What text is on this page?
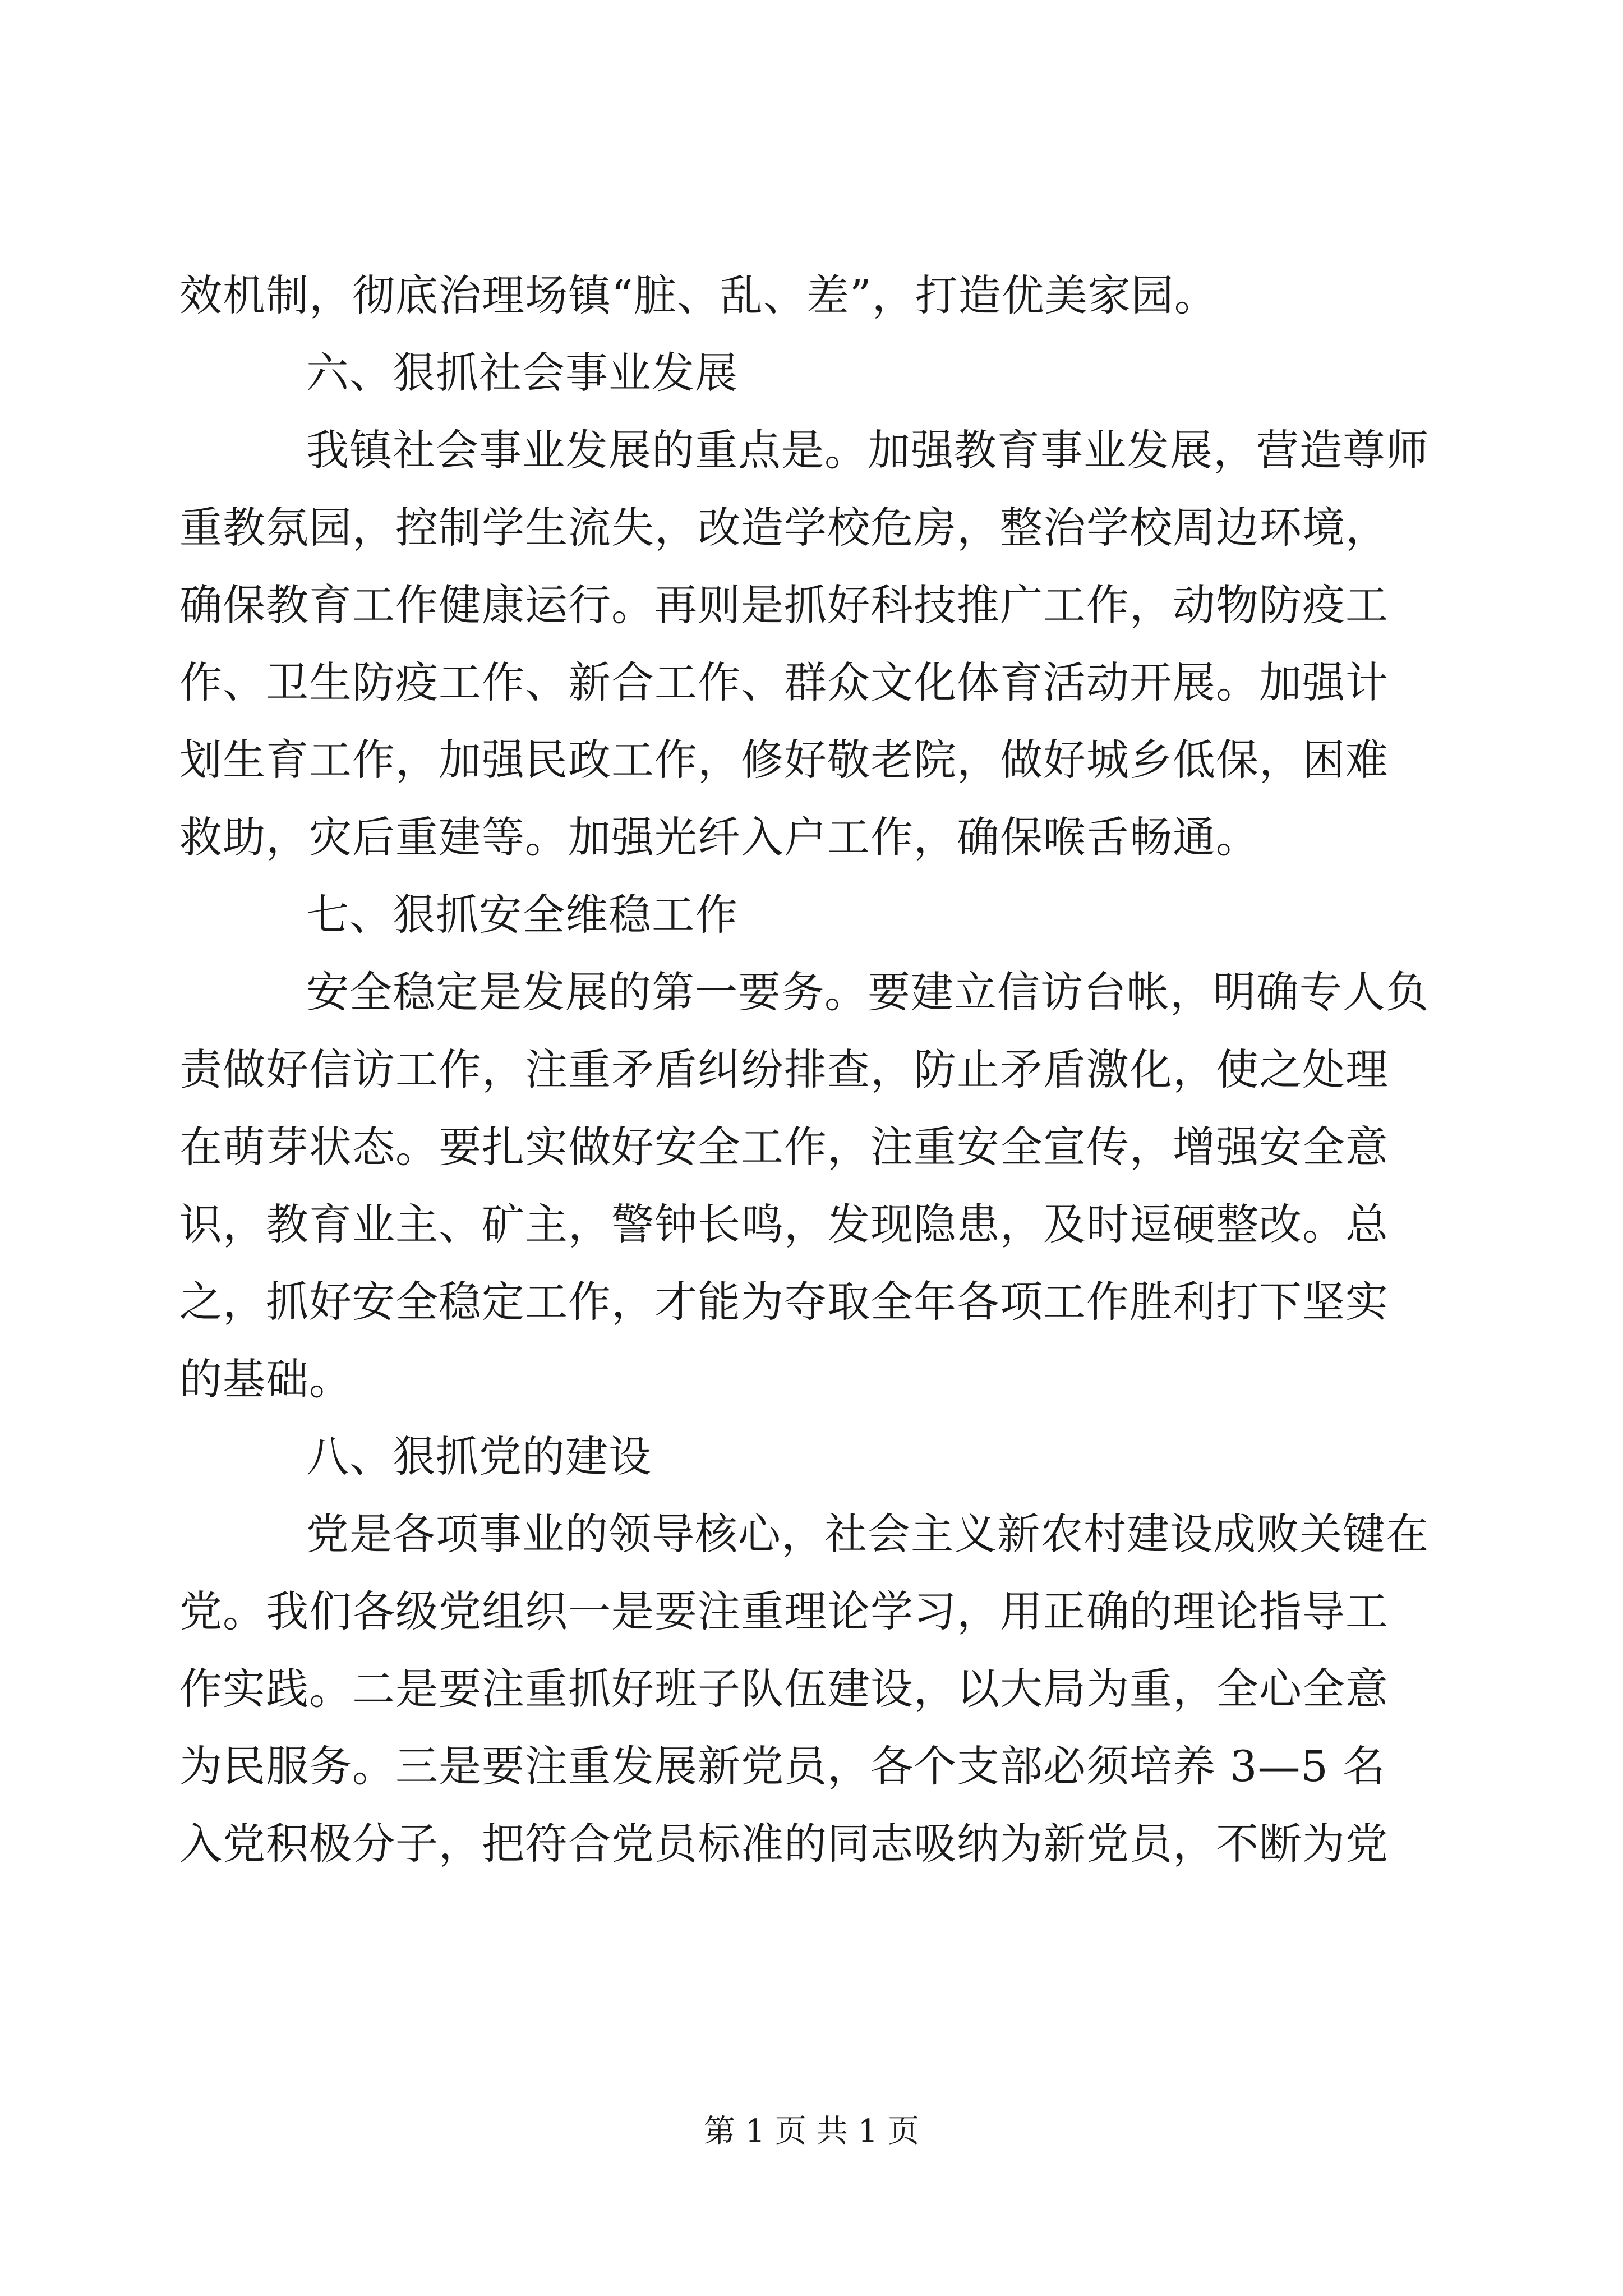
效机制，彻底治理场镇“脏、乱、差”，打造优美家园。
六、狠抓社会事业发展
我镇社会事业发展的重点是。加强教育事业发展，营造尊师
重教氛园，控制学生流失，改造学校危房，整治学校周边环境，
确保教育工作健康运行。再则是抓好科技推广工作，动物防疫工
作、卫生防疫工作、新合工作、群众文化体育活动开展。加强计
划生育工作，加强民政工作，修好敬老院，做好城乡低保，困难
救助，灾后重建等。加强光纤入户工作，确保喉舌畅通。
七、狠抓安全维稳工作
安全稳定是发展的第一要务。要建立信访台帐，明确专人负
责做好信访工作，注重矛盾纠纷排查，防止矛盾激化，使之处理
在萌芽状态。要扎实做好安全工作，注重安全宣传，增强安全意
识，教育业主、矿主，警钟长鸣，发现隐患，及时逗硬整改。总
之，抓好安全稳定工作，才能为夺取全年各项工作胜利打下坚实
的基础。
八、狠抓党的建设
党是各项事业的领导核心，社会主义新农村建设成败关键在
党。我们各级党组织一是要注重理论学习，用正确的理论指导工
作实践。二是要注重抓好班子队伍建设，以大局为重，全心全意
为民服务。三是要注重发展新党员，各个支部必须培养 3—5 名
入党积极分子，把符合党员标准的同志吸纳为新党员，不断为党
第 1 页 共 1 页
